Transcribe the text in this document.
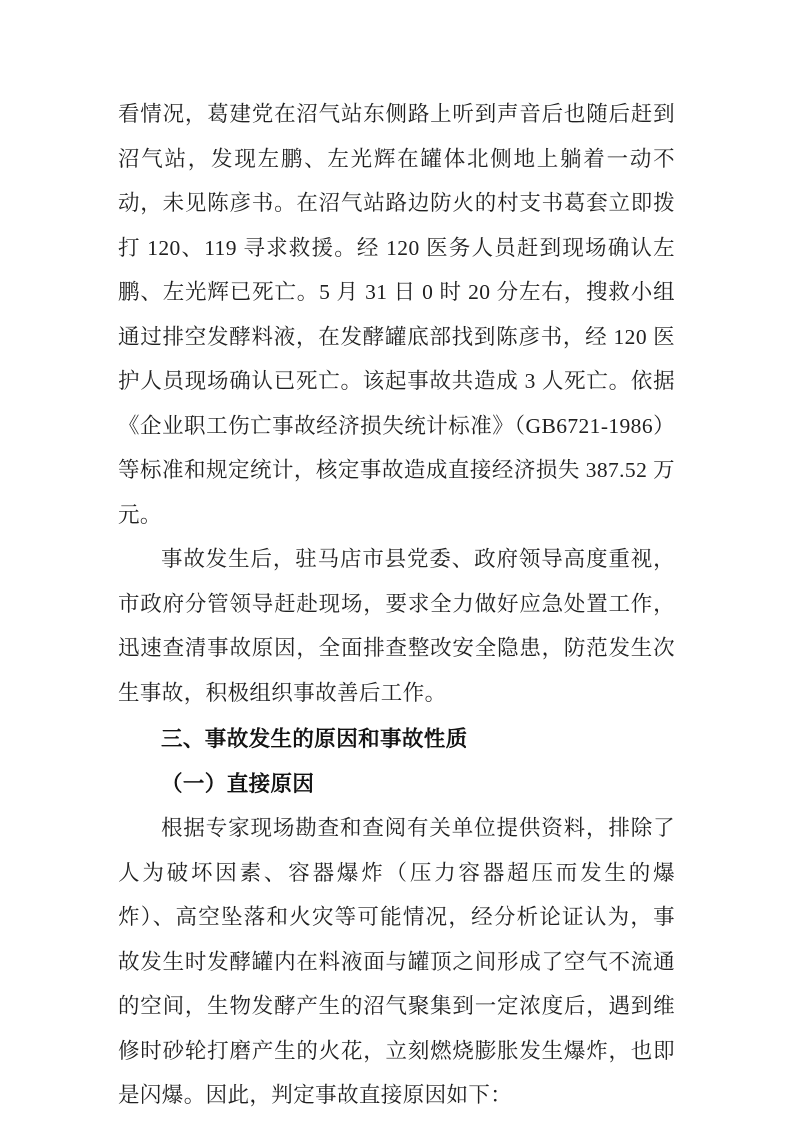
看情况，葛建党在沼气站东侧路上听到声音后也随后赶到沼气站，发现左鹏、左光辉在罐体北侧地上躺着一动不动，未见陈彦书。在沼气站路边防火的村支书葛套立即拨打 120、119 寻求救援。经 120 医务人员赶到现场确认左鹏、左光辉已死亡。5 月 31 日 0 时 20 分左右，搜救小组通过排空发酵料液，在发酵罐底部找到陈彦书，经 120 医护人员现场确认已死亡。该起事故共造成 3 人死亡。依据《企业职工伤亡事故经济损失统计标准》（GB6721-1986）等标准和规定统计，核定事故造成直接经济损失 387.52 万元。

事故发生后，驻马店市县党委、政府领导高度重视，市政府分管领导赶赴现场，要求全力做好应急处置工作，迅速查清事故原因，全面排查整改安全隐患，防范发生次生事故，积极组织事故善后工作。

三、事故发生的原因和事故性质

（一）直接原因

根据专家现场勘查和查阅有关单位提供资料，排除了人为破坏因素、容器爆炸（压力容器超压而发生的爆炸）、高空坠落和火灾等可能情况，经分析论证认为，事故发生时发酵罐内在料液面与罐顶之间形成了空气不流通的空间，生物发酵产生的沼气聚集到一定浓度后，遇到维修时砂轮打磨产生的火花，立刻燃烧膨胀发生爆炸，也即是闪爆。因此，判定事故直接原因如下：
